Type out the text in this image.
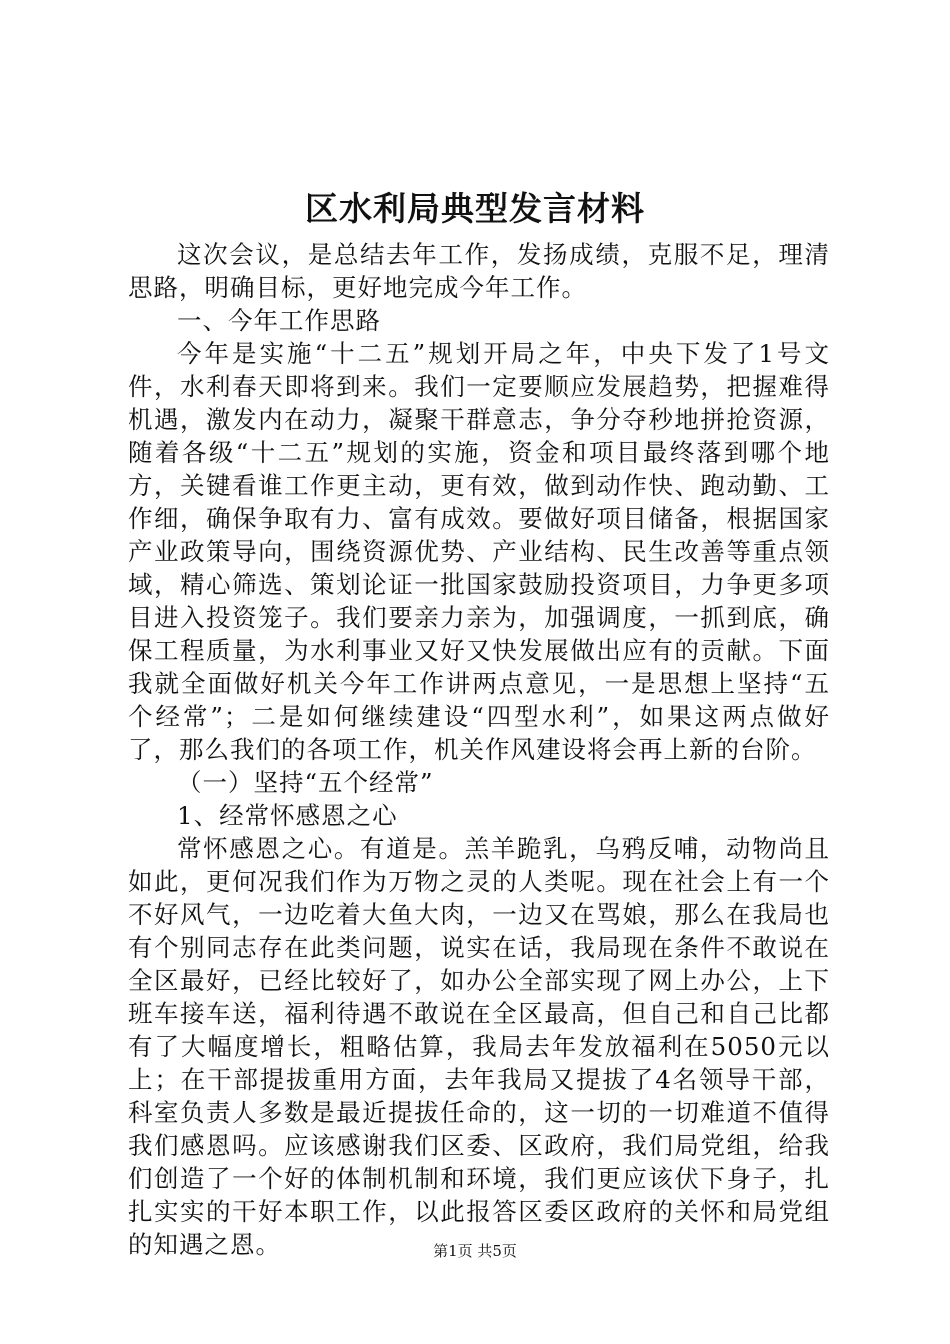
区水利局典型发言材料

这次会议，是总结去年工作，发扬成绩，克服不足，理清思路，明确目标，更好地完成今年工作。

一、今年工作思路

今年是实施“十二五”规划开局之年，中央下发了1号文件，水利春天即将到来。我们一定要顺应发展趋势，把握难得机遇，激发内在动力，凝聚干群意志，争分夺秒地拼抢资源，随着各级“十二五”规划的实施，资金和项目最终落到哪个地方，关键看谁工作更主动，更有效，做到动作快、跑动勤、工作细，确保争取有力、富有成效。要做好项目储备，根据国家产业政策导向，围绕资源优势、产业结构、民生改善等重点领域，精心筛选、策划论证一批国家鼓励投资项目，力争更多项目进入投资笼子。我们要亲力亲为，加强调度，一抓到底，确保工程质量，为水利事业又好又快发展做出应有的贡献。下面我就全面做好机关今年工作讲两点意见，一是思想上坚持“五个经常”；二是如何继续建设“四型水利”，如果这两点做好了，那么我们的各项工作，机关作风建设将会再上新的台阶。

（一）坚持“五个经常”

1、经常怀感恩之心

常怀感恩之心。有道是。羔羊跪乳，乌鸦反哺，动物尚且如此，更何况我们作为万物之灵的人类呢。现在社会上有一个不好风气，一边吃着大鱼大肉，一边又在骂娘，那么在我局也有个别同志存在此类问题，说实在话，我局现在条件不敢说在全区最好，已经比较好了，如办公全部实现了网上办公，上下班车接车送，福利待遇不敢说在全区最高，但自己和自己比都有了大幅度增长，粗略估算，我局去年发放福利在5050元以上；在干部提拔重用方面，去年我局又提拔了4名领导干部，科室负责人多数是最近提拔任命的，这一切的一切难道不值得我们感恩吗。应该感谢我们区委、区政府，我们局党组，给我们创造了一个好的体制机制和环境，我们更应该伏下身子，扎扎实实的干好本职工作，以此报答区委区政府的关怀和局党组的知遇之恩。	第1页 共5页
